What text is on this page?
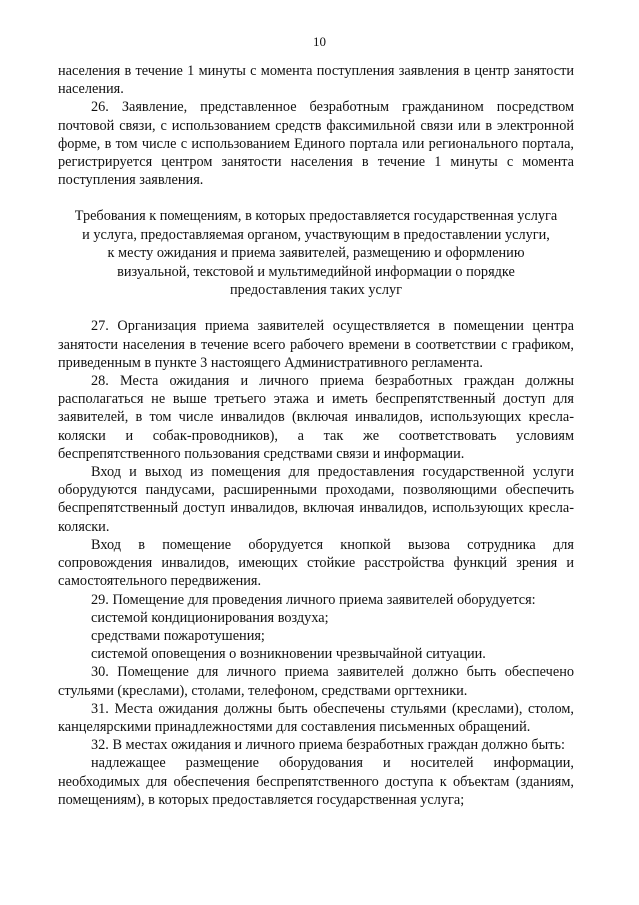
10

населения в течение 1 минуты с момента поступления заявления в центр занятости населения.

26. Заявление, представленное безработным гражданином посредством почтовой связи, с использованием средств факсимильной связи или в электронной форме, в том числе с использованием Единого портала или регионального портала, регистрируется центром занятости населения в течение 1 минуты с момента поступления заявления.

Требования к помещениям, в которых предоставляется государственная услуга
и услуга, предоставляемая органом, участвующим в предоставлении услуги,
к месту ожидания и приема заявителей, размещению и оформлению
визуальной, текстовой и мультимедийной информации о порядке
предоставления таких услуг

27. Организация приема заявителей осуществляется в помещении центра занятости населения в течение всего рабочего времени в соответствии с графиком, приведенным в пункте 3 настоящего Административного регламента.

28. Места ожидания и личного приема безработных граждан должны располагаться не выше третьего этажа и иметь беспрепятственный доступ для заявителей, в том числе инвалидов (включая инвалидов, использующих кресла-коляски и собак-проводников), а так же соответствовать условиям беспрепятственного пользования средствами связи и информации.

Вход и выход из помещения для предоставления государственной услуги оборудуются пандусами, расширенными проходами, позволяющими обеспечить беспрепятственный доступ инвалидов, включая инвалидов, использующих кресла-коляски.

Вход в помещение оборудуется кнопкой вызова сотрудника для сопровождения инвалидов, имеющих стойкие расстройства функций зрения и самостоятельного передвижения.

29. Помещение для проведения личного приема заявителей оборудуется:

системой кондиционирования воздуха;

средствами пожаротушения;

системой оповещения о возникновении чрезвычайной ситуации.

30. Помещение для личного приема заявителей должно быть обеспечено стульями (креслами), столами, телефоном, средствами оргтехники.

31. Места ожидания должны быть обеспечены стульями (креслами), столом, канцелярскими принадлежностями для составления письменных обращений.

32. В местах ожидания и личного приема безработных граждан должно быть:

надлежащее размещение оборудования и носителей информации, необходимых для обеспечения беспрепятственного доступа к объектам (зданиям, помещениям), в которых предоставляется государственная услуга;
